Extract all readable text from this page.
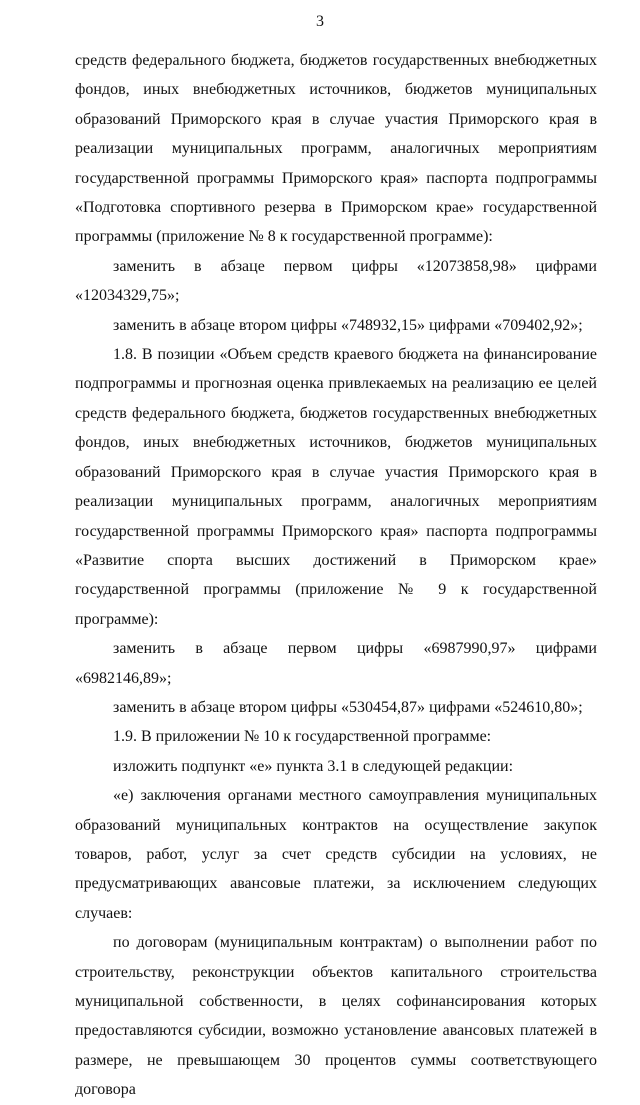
3

средств федерального бюджета, бюджетов государственных внебюджетных фондов, иных внебюджетных источников, бюджетов муниципальных образований Приморского края в случае участия Приморского края в реализации муниципальных программ, аналогичных мероприятиям государственной программы Приморского края» паспорта подпрограммы «Подготовка спортивного резерва в Приморском крае» государственной программы (приложение № 8 к государственной программе):

заменить в абзаце первом цифры «12073858,98» цифрами «12034329,75»;

заменить в абзаце втором цифры «748932,15» цифрами «709402,92»;

1.8. В позиции «Объем средств краевого бюджета на финансирование подпрограммы и прогнозная оценка привлекаемых на реализацию ее целей средств федерального бюджета, бюджетов государственных внебюджетных фондов, иных внебюджетных источников, бюджетов муниципальных образований Приморского края в случае участия Приморского края в реализации муниципальных программ, аналогичных мероприятиям государственной программы Приморского края» паспорта подпрограммы «Развитие спорта высших достижений в Приморском крае» государственной программы (приложение № 9 к государственной программе):

заменить в абзаце первом цифры «6987990,97» цифрами «6982146,89»;

заменить в абзаце втором цифры «530454,87» цифрами «524610,80»;

1.9. В приложении № 10 к государственной программе:

изложить подпункт «е» пункта 3.1 в следующей редакции:

«е) заключения органами местного самоуправления муниципальных образований муниципальных контрактов на осуществление закупок товаров, работ, услуг за счет средств субсидии на условиях, не предусматривающих авансовые платежи, за исключением следующих случаев:

по договорам (муниципальным контрактам) о выполнении работ по строительству, реконструкции объектов капитального строительства муниципальной собственности, в целях софинансирования которых предоставляются субсидии, возможно установление авансовых платежей в размере, не превышающем 30 процентов суммы соответствующего договора
